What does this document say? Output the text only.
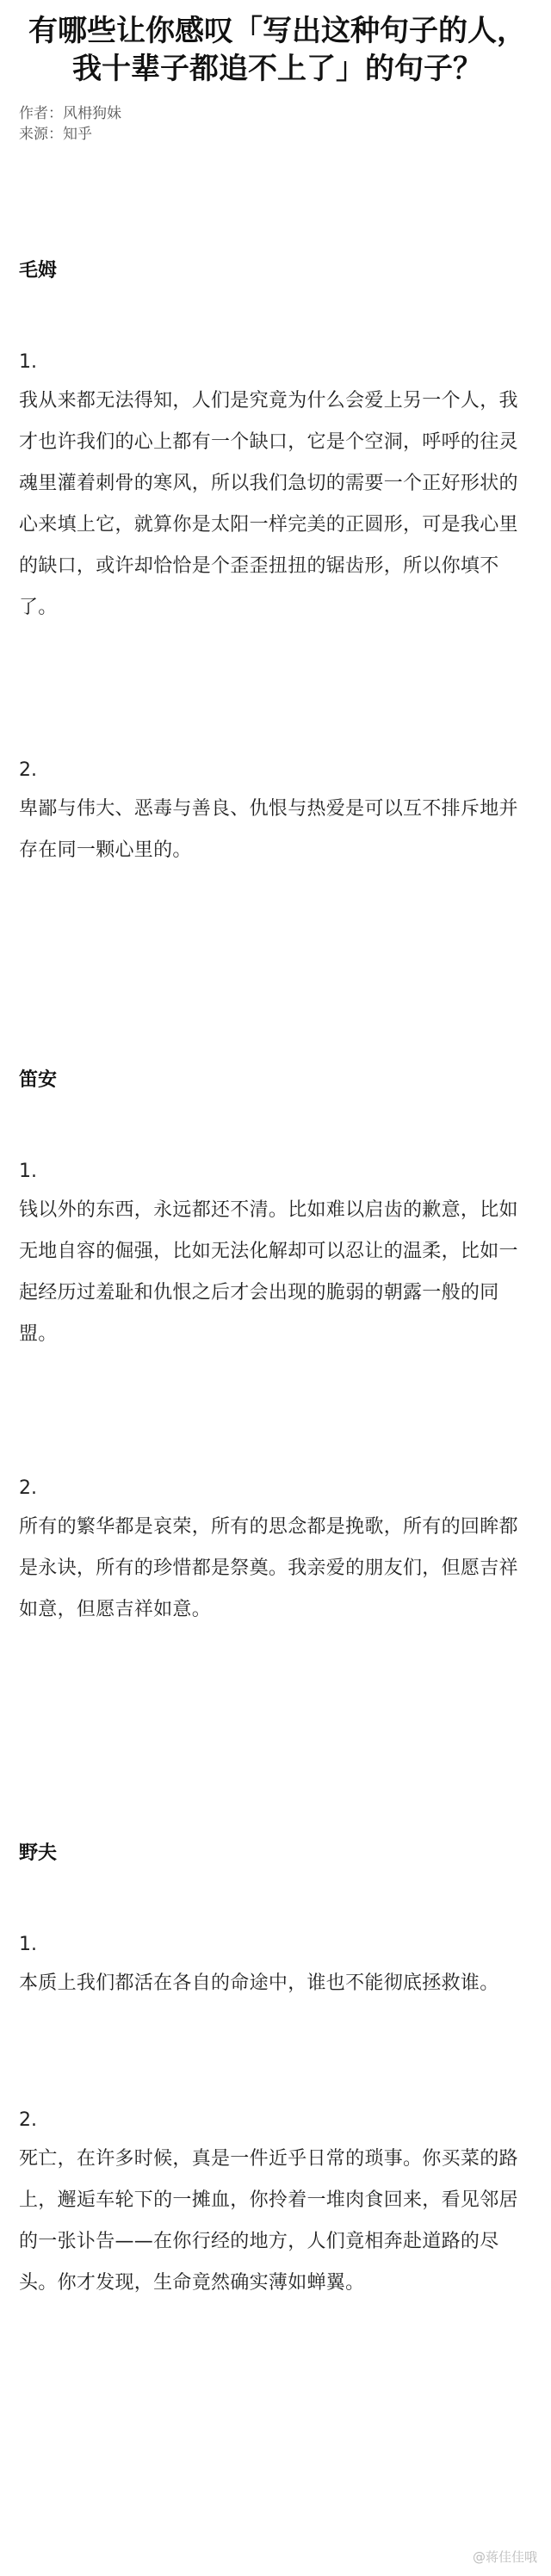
有哪些让你感叹「写出这种句子的人，我十辈子都追不上了」的句子？
作者：风枏狗妹
来源：知乎
毛姆
1.

我从来都无法得知，人们是究竟为什么会爱上另一个人，我才也许我们的心上都有一个缺口，它是个空洞，呼呼的往灵魂里灌着刺骨的寒风，所以我们急切的需要一个正好形状的心来填上它，就算你是太阳一样完美的正圆形，可是我心里的缺口，或许却恰恰是个歪歪扭扭的锯齿形，所以你填不了。

2.

卑鄙与伟大、恶毒与善良、仇恨与热爱是可以互不排斥地并存在同一颗心里的。

笛安
1.

钱以外的东西，永远都还不清。比如难以启齿的歉意，比如无地自容的倔强，比如无法化解却可以忍让的温柔，比如一起经历过羞耻和仇恨之后才会出现的脆弱的朝露一般的同盟。

2.

所有的繁华都是哀荣，所有的思念都是挽歌，所有的回眸都是永诀，所有的珍惜都是祭奠。我亲爱的朋友们，但愿吉祥如意，但愿吉祥如意。

野夫
1.

本质上我们都活在各自的命途中，谁也不能彻底拯救谁。

2.

死亡，在许多时候，真是一件近乎日常的琐事。你买菜的路上，邂逅车轮下的一摊血，你拎着一堆肉食回来，看见邻居的一张讣告——在你行经的地方，人们竟相奔赴道路的尽头。你才发现，生命竟然确实薄如蝉翼。

@蒋佳佳哦
